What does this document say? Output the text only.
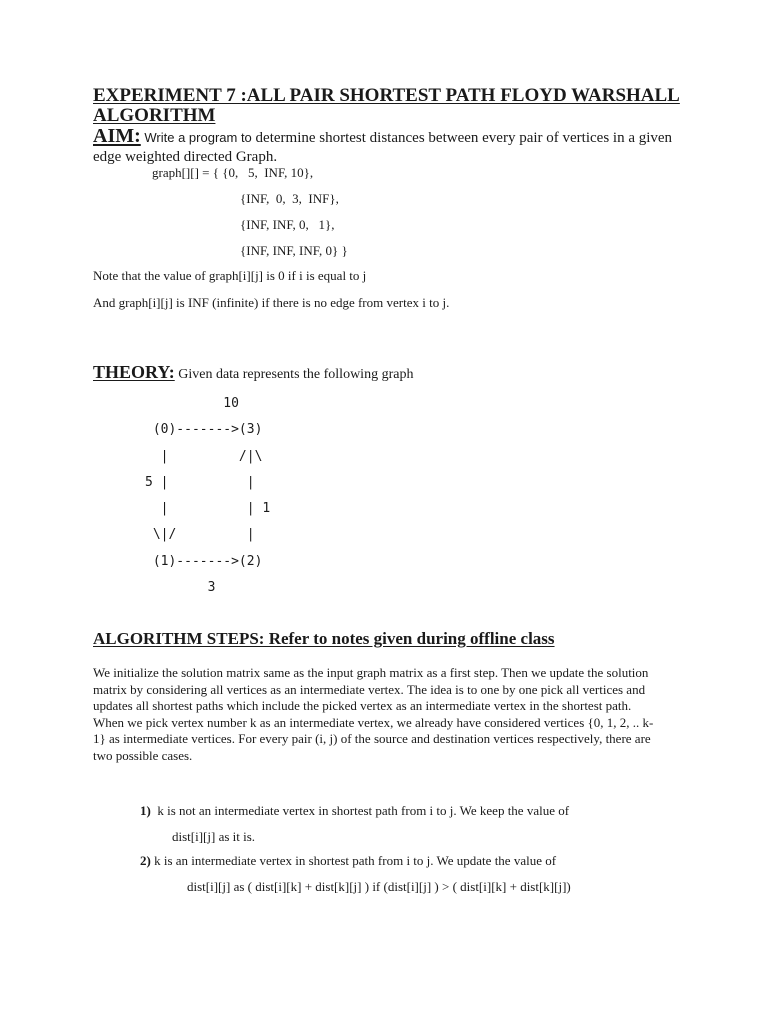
EXPERIMENT 7 :ALL PAIR SHORTEST PATH FLOYD WARSHALL ALGORITHM
AIM: Write a program to determine shortest distances between every pair of vertices in a given edge weighted directed Graph.
graph[][] = { {0,   5,  INF, 10},
{INF,  0,  3,  INF},
{INF, INF, 0,   1},
{INF, INF, INF, 0} }
Note that the value of graph[i][j] is 0 if i is equal to j
And graph[i][j] is INF (infinite) if there is no edge from vertex i to j.
THEORY: Given data represents the following graph
10
(0)------->(3)
|         /|\
5 |          |
|          | 1
\|/         |
(1)------->(2)
3
ALGORITHM STEPS: Refer to notes given during offline class

We initialize the solution matrix same as the input graph matrix as a first step. Then we update the solution matrix by considering all vertices as an intermediate vertex. The idea is to one by one pick all vertices and updates all shortest paths which include the picked vertex as an intermediate vertex in the shortest path. When we pick vertex number k as an intermediate vertex, we already have considered vertices {0, 1, 2, .. k-1} as intermediate vertices. For every pair (i, j) of the source and destination vertices respectively, there are two possible cases.

1)  k is not an intermediate vertex in shortest path from i to j. We keep the value of
dist[i][j] as it is.
2) k is an intermediate vertex in shortest path from i to j. We update the value of
dist[i][j] as ( dist[i][k] + dist[k][j] ) if (dist[i][j] ) > ( dist[i][k] + dist[k][j])
